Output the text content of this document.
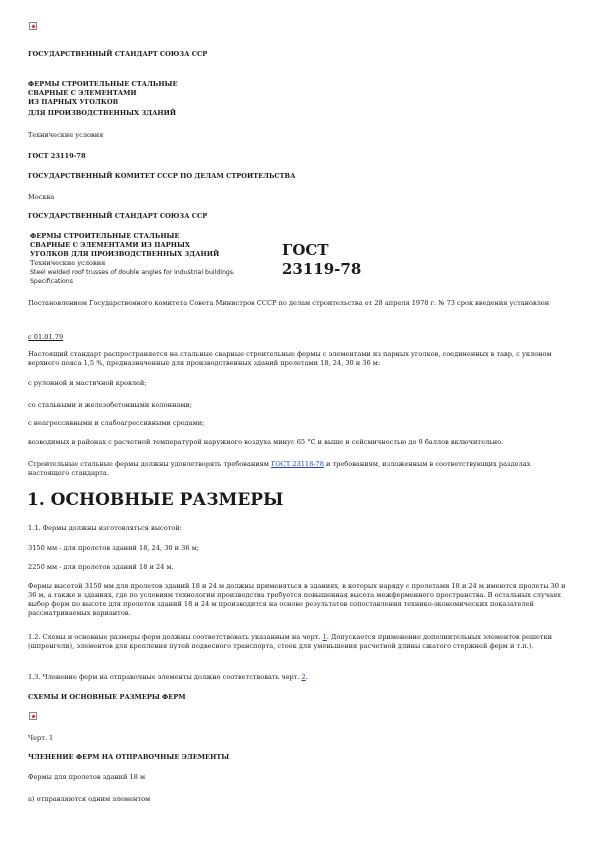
ГОСУДАРСТВЕННЫЙ СТАНДАРТ СОЮЗА ССР
ФЕРМЫ СТРОИТЕЛЬНЫЕ СТАЛЬНЫЕ
СВАРНЫЕ С ЭЛЕМЕНТАМИ
ИЗ ПАРНЫХ УГОЛКОВ
ДЛЯ ПРОИЗВОДСТВЕННЫХ ЗДАНИЙ
Технические условия
ГОСТ 23119-78
ГОСУДАРСТВЕННЫЙ КОМИТЕТ СССР ПО ДЕЛАМ СТРОИТЕЛЬСТВА
Москва
ГОСУДАРСТВЕННЫЙ СТАНДАРТ СОЮЗА ССР
ФЕРМЫ СТРОИТЕЛЬНЫЕ СТАЛЬНЫЕ
СВАРНЫЕ С ЭЛЕМЕНТАМИ ИЗ ПАРНЫХ
УГОЛКОВ ДЛЯ ПРОИЗВОДСТВЕННЫХ ЗДАНИЙ
Технические условия
Steel welded roof trusses of double angles for industrial buildings.
Specifications
ГОСТ
23119-78
Постановлением Государственного комитета Совета Министров СССР по делам строительства от 28 апреля 1978 г. № 73 срок введения установлен
с 01.01.79
Настоящий стандарт распространяется на стальные сварные строительные фермы с элементами из парных уголков, соединенных в тавр, с уклоном верхнего пояса 1,5 %, предназначенные для производственных зданий пролетами 18, 24, 30 и 36 м:
с рулонной и мастичной кровлей;
со стальными и железобетонными колоннами;
с неагрессивными и слабоагрессивными средами;
возводимых в районах с расчетной температурой наружного воздуха минус 65 °С и выше и сейсмичностью до 9 баллов включительно.
Строительные стальные фермы должны удовлетворять требованиям ГОСТ 23118-78 и требованиям, изложенным в соответствующих разделах настоящего стандарта.
1. ОСНОВНЫЕ РАЗМЕРЫ
1.1. Фермы должны изготовляться высотой:
3150 мм - для пролетов зданий 18, 24, 30 и 36 м;
2250 мм - для пролетов зданий 18 и 24 м.
Фермы высотой 3150 мм для пролетов зданий 18 и 24 м должны применяться в зданиях, в которых наряду с пролетами 18 и 24 м имеются пролеты 30 и 36 м, а также в зданиях, где по условиям технологии производства требуется повышенная высота межферменного пространства. В остальных случаях выбор ферм по высоте для пролетов зданий 18 и 24 м производится на основе результатов сопоставления технико-экономических показателей рассматриваемых вариантов.
1.2. Схемы и основные размеры ферм должны соответствовать указанным на черт. 1. Допускается применение дополнительных элементов решетки (шпренгели), элементов для крепления путей подвесного транспорта, стоек для уменьшения расчетной длины сжатого стержней ферм и т.п.).
1.3. Членение ферм на отправочные элементы должно соответствовать черт. 2.
СХЕМЫ И ОСНОВНЫЕ РАЗМЕРЫ ФЕРМ
Черт. 1
ЧЛЕНЕНИЕ ФЕРМ НА ОТПРАВОЧНЫЕ ЭЛЕМЕНТЫ
Фермы для пролетов зданий 18 м
а) отправляются одним элементом
